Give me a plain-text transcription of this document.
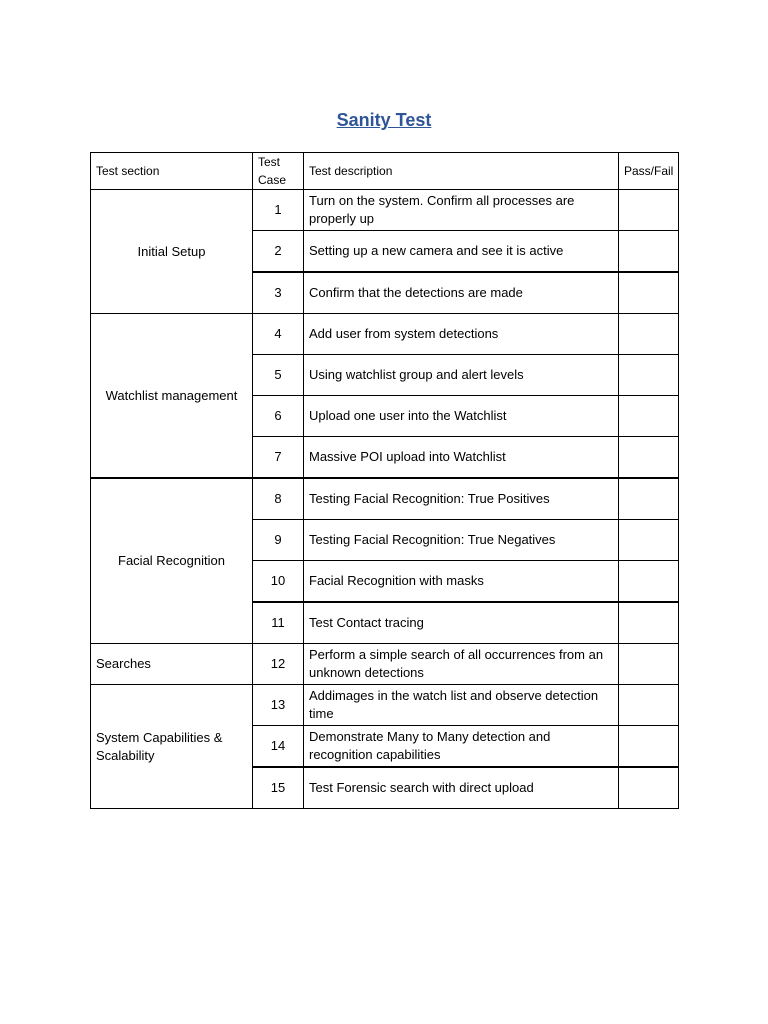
Sanity Test
Test section	Test Case	Test description	Pass/Fail
Initial Setup	1	Turn on the system. Confirm all processes are properly up	
	2	Setting up a new camera and see it is active	
	3	Confirm that the detections are made	
Watchlist management	4	Add user from system detections	
	5	Using watchlist group and alert levels	
	6	Upload one user into the Watchlist	
	7	Massive POI upload into Watchlist	
Facial Recognition	8	Testing Facial Recognition: True Positives	
	9	Testing Facial Recognition: True Negatives	
	10	Facial Recognition with masks	
	11	Test Contact tracing	
Searches	12	Perform a simple search of all occurrences from an unknown detections	
System Capabilities & Scalability	13	Addimages in the watch list and observe detection time	
	14	Demonstrate Many to Many detection and recognition capabilities	
	15	Test Forensic search with direct upload	
